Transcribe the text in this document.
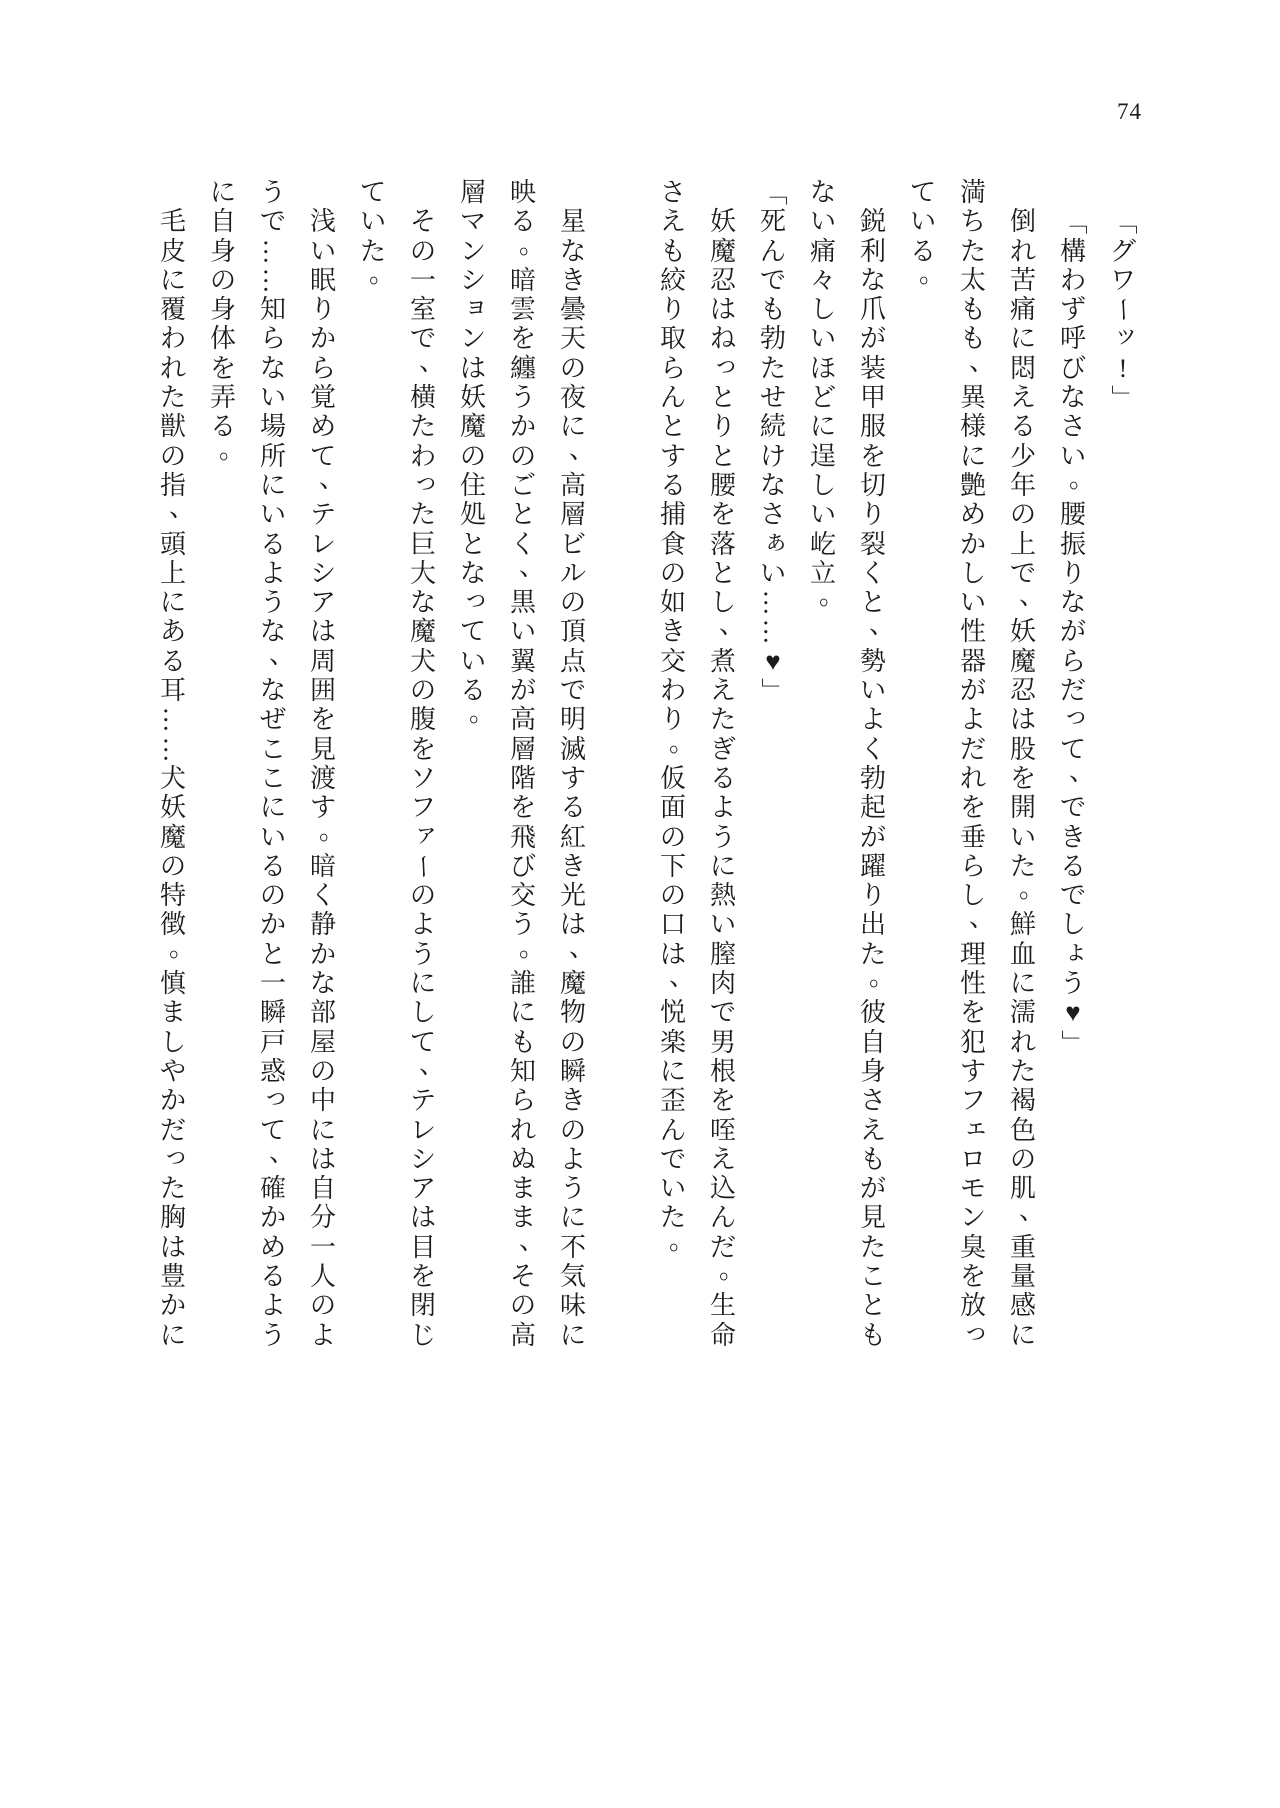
74
「
グ
ワ
ー
ッ
!
」
「
構
わ
ず
呼
び
な
さ
い
。
腰
振
り
な
が
ら
だ
っ
て
、
で
き
る
で
し
ょ
う
♥
」
倒
れ
苦
痛
に
悶
え
る
少
年
の
上
で
、
妖
魔
忍
は
股
を
開
い
た
。
鮮
血
に
濡
れ
た
褐
色
の
肌
、
重
量
感
に
満
ち
た
太
も
も
、
異
様
に
艶
め
か
し
い
性
器
が
よ
だ
れ
を
垂
ら
し
、
理
性
を
犯
す
フ
ェ
ロ
モ
ン
臭
を
放
っ
て
い
る
。
鋭
利
な
爪
が
装
甲
服
を
切
り
裂
く
と
、
勢
い
よ
く
勃
起
が
躍
り
出
た
。
彼
自
身
さ
え
も
が
見
た
こ
と
も
な
い
痛
々
し
い
ほ
ど
に
逞
し
い
屹
立
。
「
死
ん
で
も
勃
た
せ
続
け
な
さ
ぁ
い
…
…
♥
」
妖
魔
忍
は
ね
っ
と
り
と
腰
を
落
と
し
、
煮
え
た
ぎ
る
よ
う
に
熱
い
膣
肉
で
男
根
を
咥
え
込
ん
だ
。
生
命
さ
え
も
絞
り
取
ら
ん
と
す
る
捕
食
の
如
き
交
わ
り
。
仮
面
の
下
の
口
は
、
悦
楽
に
歪
ん
で
い
た
。
星
な
き
曇
天
の
夜
に
、
高
層
ビ
ル
の
頂
点
で
明
滅
す
る
紅
き
光
は
、
魔
物
の
瞬
き
の
よ
う
に
不
気
味
に
映
る
。
暗
雲
を
纏
う
か
の
ご
と
く
、
黒
い
翼
が
高
層
階
を
飛
び
交
う
。
誰
に
も
知
ら
れ
ぬ
ま
ま
、
そ
の
高
層
マ
ン
シ
ョ
ン
は
妖
魔
の
住
処
と
な
っ
て
い
る
。
そ
の
一
室
で
、
横
た
わ
っ
た
巨
大
な
魔
犬
の
腹
を
ソ
フ
ァ
ー
の
よ
う
に
し
て
、
テ
レ
シ
ア
は
目
を
閉
じ
て
い
た
。
浅
い
眠
り
か
ら
覚
め
て
、
テ
レ
シ
ア
は
周
囲
を
見
渡
す
。
暗
く
静
か
な
部
屋
の
中
に
は
自
分
一
人
の
よ
う
で
…
…
知
ら
な
い
場
所
に
い
る
よ
う
な
、
な
ぜ
こ
こ
に
い
る
の
か
と
一
瞬
戸
惑
っ
て
、
確
か
め
る
よ
う
に
自
身
の
身
体
を
弄
る
。
毛
皮
に
覆
わ
れ
た
獣
の
指
、
頭
上
に
あ
る
耳
…
…
犬
妖
魔
の
特
徴
。
慎
ま
し
や
か
だ
っ
た
胸
は
豊
か
に
